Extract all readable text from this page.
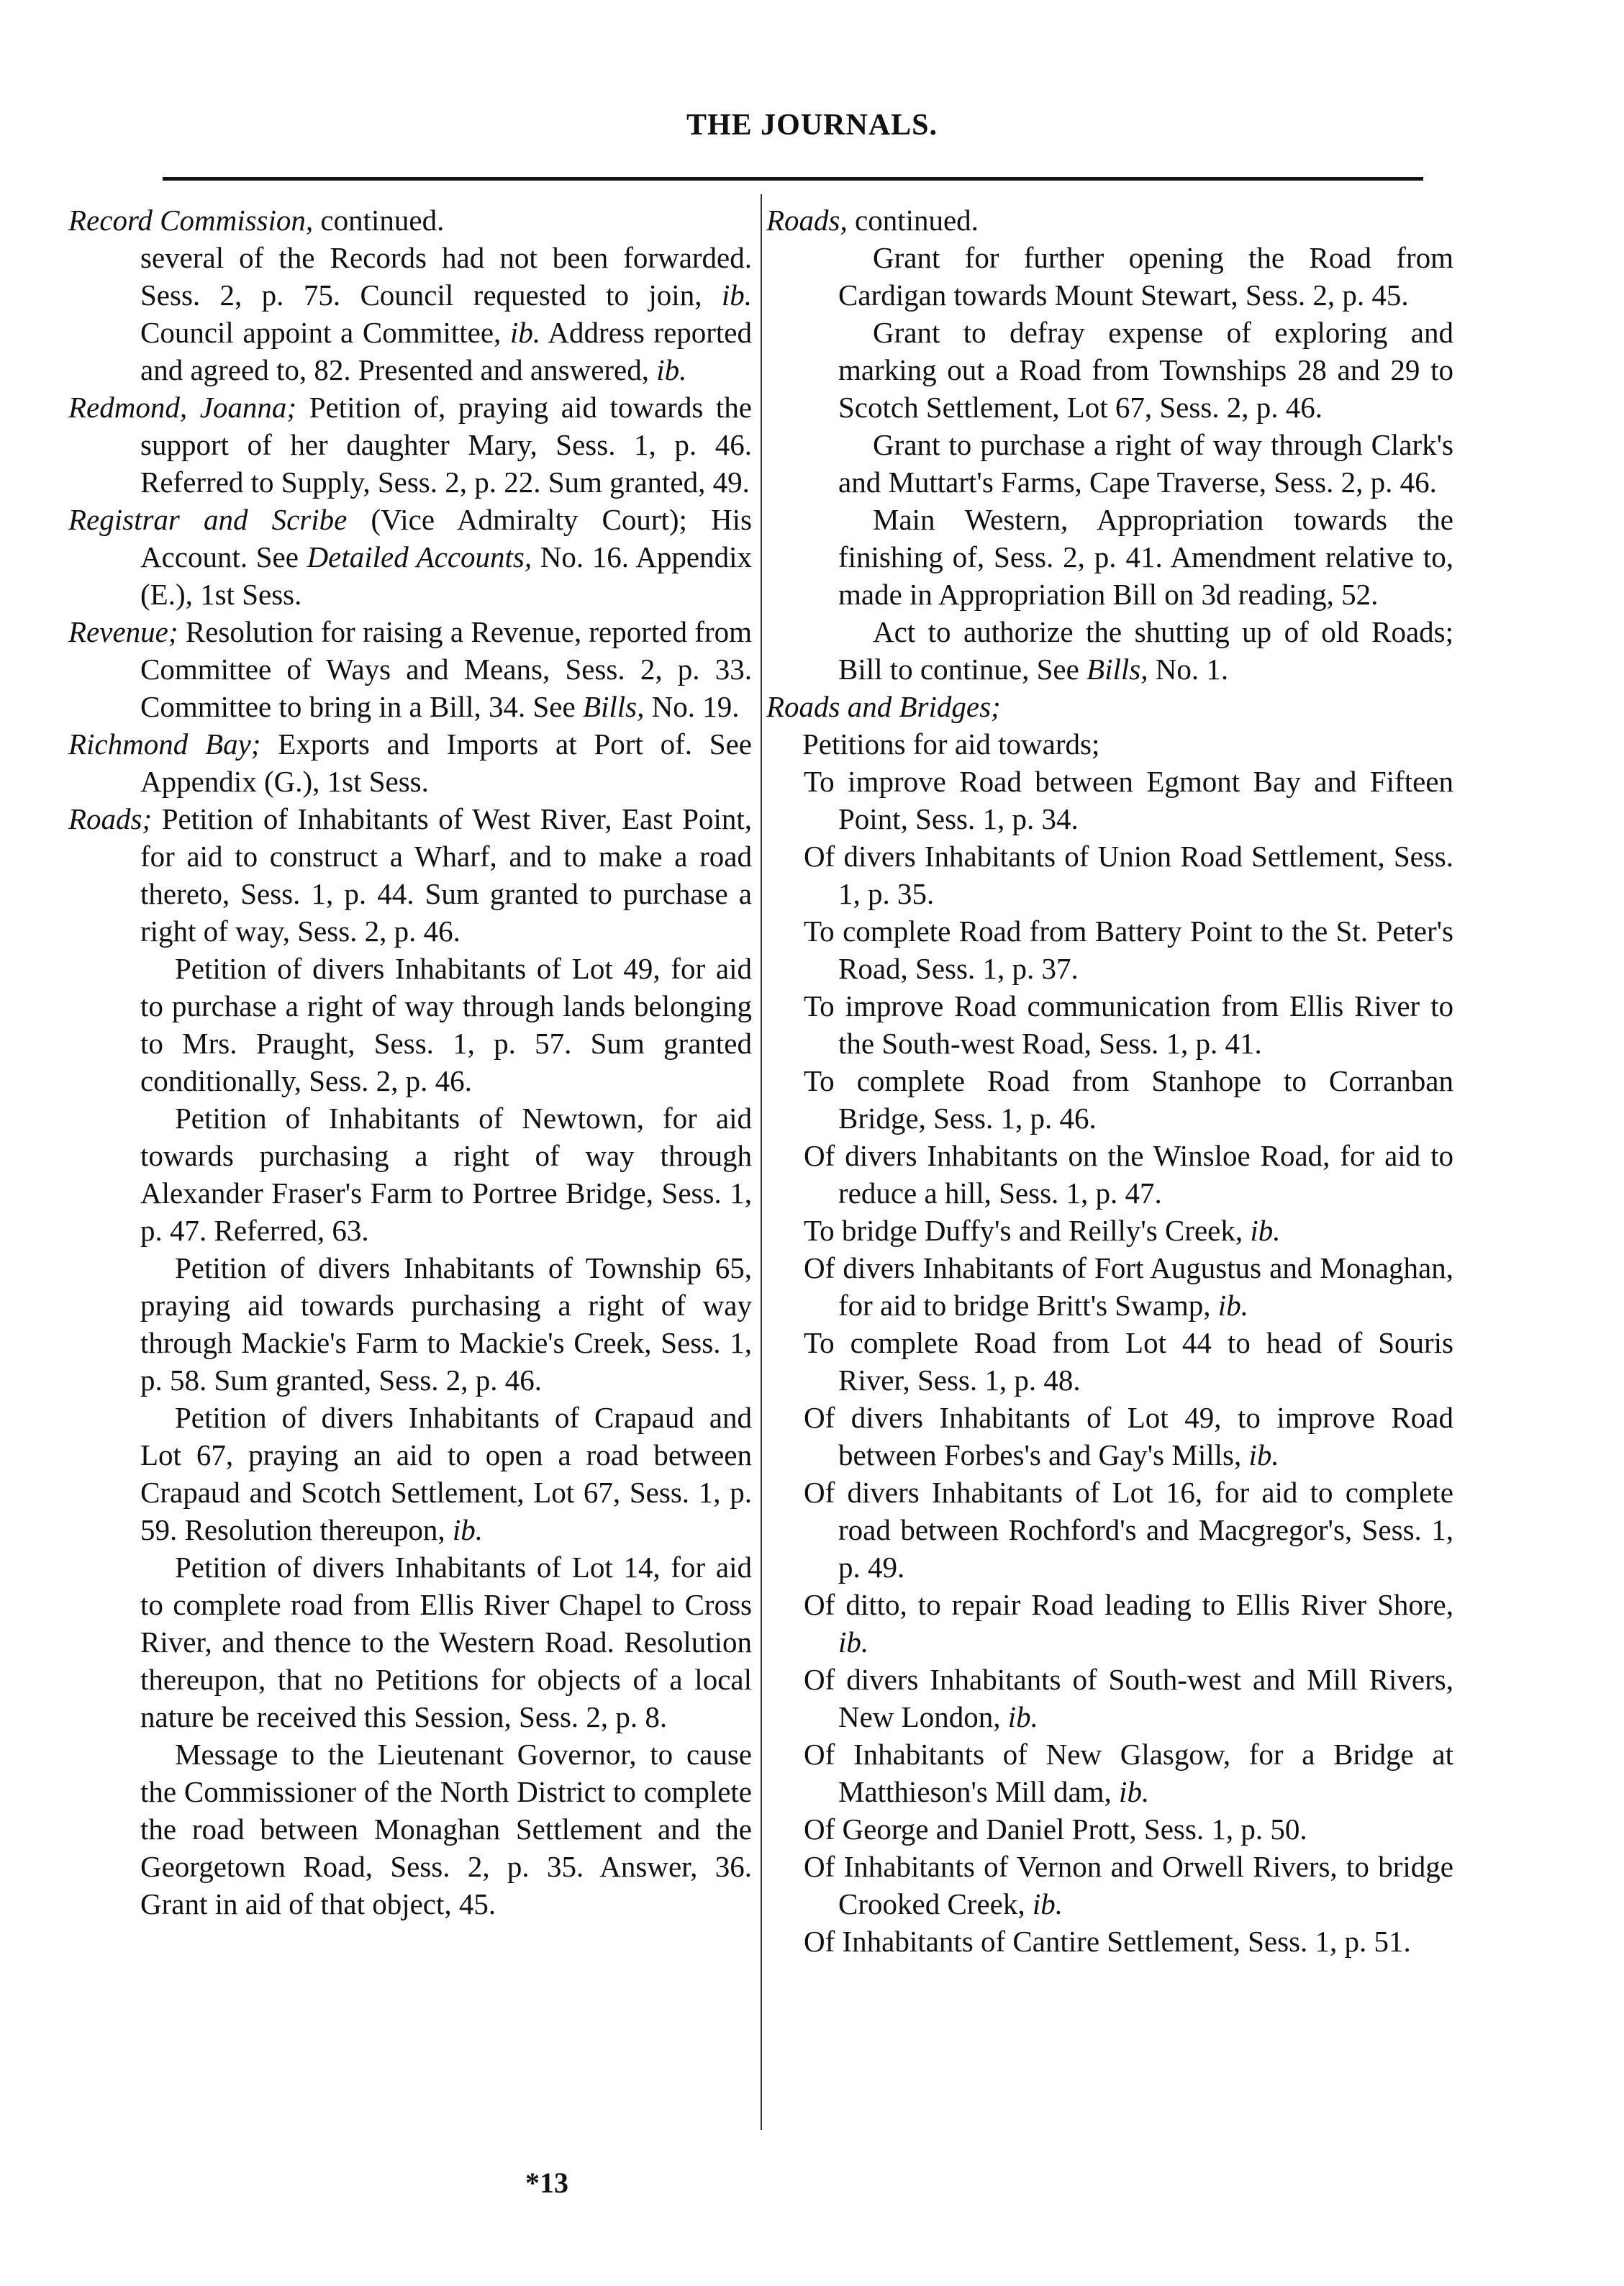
THE JOURNALS.

Record Commission, continued.

several of the Records had not been forwarded. Sess. 2, p. 75. Council requested to join, ib. Council appoint a Committee, ib. Address reported and agreed to, 82. Presented and answered, ib.

Redmond, Joanna; Petition of, praying aid towards the support of her daughter Mary, Sess. 1, p. 46. Referred to Supply, Sess. 2, p. 22. Sum granted, 49.

Registrar and Scribe (Vice Admiralty Court); His Account. See Detailed Accounts, No. 16. Appendix (E.), 1st Sess.

Revenue; Resolution for raising a Revenue, reported from Committee of Ways and Means, Sess. 2, p. 33. Committee to bring in a Bill, 34. See Bills, No. 19.

Richmond Bay; Exports and Imports at Port of. See Appendix (G.), 1st Sess.

Roads; Petition of Inhabitants of West River, East Point, for aid to construct a Wharf, and to make a road thereto, Sess. 1, p. 44. Sum granted to purchase a right of way, Sess. 2, p. 46.

Petition of divers Inhabitants of Lot 49, for aid to purchase a right of way through lands belonging to Mrs. Praught, Sess. 1, p. 57. Sum granted conditionally, Sess. 2, p. 46.

Petition of Inhabitants of Newtown, for aid towards purchasing a right of way through Alexander Fraser's Farm to Portree Bridge, Sess. 1, p. 47. Referred, 63.

Petition of divers Inhabitants of Township 65, praying aid towards purchasing a right of way through Mackie's Farm to Mackie's Creek, Sess. 1, p. 58. Sum granted, Sess. 2, p. 46.

Petition of divers Inhabitants of Crapaud and Lot 67, praying an aid to open a road between Crapaud and Scotch Settlement, Lot 67, Sess. 1, p. 59. Resolution thereupon, ib.

Petition of divers Inhabitants of Lot 14, for aid to complete road from Ellis River Chapel to Cross River, and thence to the Western Road. Resolution thereupon, that no Petitions for objects of a local nature be received this Session, Sess. 2, p. 8.

Message to the Lieutenant Governor, to cause the Commissioner of the North District to complete the road between Monaghan Settlement and the Georgetown Road, Sess. 2, p. 35. Answer, 36. Grant in aid of that object, 45.

Roads, continued.

Grant for further opening the Road from Cardigan towards Mount Stewart, Sess. 2, p. 45.

Grant to defray expense of exploring and marking out a Road from Townships 28 and 29 to Scotch Settlement, Lot 67, Sess. 2, p. 46.

Grant to purchase a right of way through Clark's and Muttart's Farms, Cape Traverse, Sess. 2, p. 46.

Main Western, Appropriation towards the finishing of, Sess. 2, p. 41. Amendment relative to, made in Appropriation Bill on 3d reading, 52.

Act to authorize the shutting up of old Roads; Bill to continue, See Bills, No. 1.

Roads and Bridges;

Petitions for aid towards;

To improve Road between Egmont Bay and Fifteen Point, Sess. 1, p. 34.

Of divers Inhabitants of Union Road Settlement, Sess. 1, p. 35.

To complete Road from Battery Point to the St. Peter's Road, Sess. 1, p. 37.

To improve Road communication from Ellis River to the South-west Road, Sess. 1, p. 41.

To complete Road from Stanhope to Corranban Bridge, Sess. 1, p. 46.

Of divers Inhabitants on the Winsloe Road, for aid to reduce a hill, Sess. 1, p. 47.

To bridge Duffy's and Reilly's Creek, ib.

Of divers Inhabitants of Fort Augustus and Monaghan, for aid to bridge Britt's Swamp, ib.

To complete Road from Lot 44 to head of Souris River, Sess. 1, p. 48.

Of divers Inhabitants of Lot 49, to improve Road between Forbes's and Gay's Mills, ib.

Of divers Inhabitants of Lot 16, for aid to complete road between Rochford's and Macgregor's, Sess. 1, p. 49.

Of ditto, to repair Road leading to Ellis River Shore, ib.

Of divers Inhabitants of South-west and Mill Rivers, New London, ib.

Of Inhabitants of New Glasgow, for a Bridge at Matthieson's Mill dam, ib.

Of George and Daniel Prott, Sess. 1, p. 50.

Of Inhabitants of Vernon and Orwell Rivers, to bridge Crooked Creek, ib.

Of Inhabitants of Cantire Settlement, Sess. 1, p. 51.

*13
